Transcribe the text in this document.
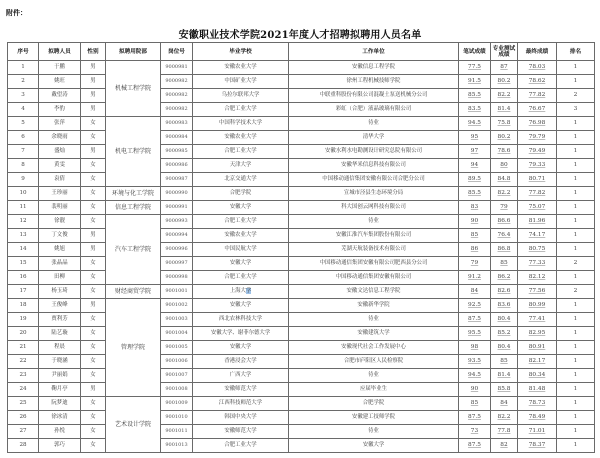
附件：
安徽职业技术学院2021年度人才招聘拟聘用人员名单
序号	拟聘人员	性别	拟聘用院部	岗位号	毕业学校	工作单位	笔试成绩	专业测试成绩	最终成绩	排名
1	于鹏	男	机械工程学院	9000981	安徽农业大学	安徽信息工程学院	77.5	87	78.03	1
2	姚旺	男		9000982	中国矿业大学	徐州工程机械技师学院	91.5	80.2	78.62	1
3	戴望涛	男		9000982	乌拉尔联邦大学	中联重科股份有限公司混凝土泵送机械分公司	85.5	82.2	77.82	2
4	李豹	男		9000982	合肥工业大学	彩虹（合肥）液晶玻璃有限公司	83.5	81.4	76.67	3
5	张萍	女	机电工程学院	9000983	中国科学技术大学	待业	94.5	75.8	76.98	1
6	余晓雨	女		9000984	安徽农业大学	清华大学	95	80.2	79.79	1
7	盛灿	男		9000985	合肥工业大学	安徽水利水电勘测设计研究总院有限公司	97	78.6	79.49	1
8	黄雯	女		9000986	天津大学	安徽华米信息科技有限公司	94	80	79.33	1
9	袁倩	女		9000987	北京交通大学	中国移动通信集团安徽有限公司合肥分公司	89.5	84.8	80.71	1
10	王珍丽	女	环境与化工学院	9000990	合肥学院	宣城市泾县生态环境分局	85.5	82.2	77.82	1
11	裴明丽	女	信息工程学院	9000991	安徽大学	科大国创云网科技有限公司	83	79	75.07	1
12	徐靓	女	汽车工程学院	9000993	合肥工业大学	待业	90	86.6	81.96	1
13	丁文俊	男		9000994	安徽农业大学	安徽江淮汽车集团股份有限公司	85	76.4	74.17	1
14	姚旭	男		9000996	中国民航大学	芜湖天航装备技术有限公司	86	86.8	80.75	1
15	张晶晶	女		9000997	安徽大学	中国移动通信集团安徽有限公司肥西县分公司	79	85	77.33	2
16	田柳	女		9000998	合肥工业大学	中国移动通信集团安徽有限公司	91.2	86.2	82.12	1
17	杨玉琦	女	财经商贸学院	9001001	上海大学	安徽文达信息工程学院	84	82.6	77.56	2
18	王俊峰	男	管理学院	9001002	安徽大学	安徽新华学院	92.5	83.6	80.99	1
19	贾利芳	女		9001003	西北农林科技大学	待业	87.5	80.4	77.41	1
20	陆艺璇	女		9001004	安徽大学、谢菲尔德大学	安徽建筑大学	95.5	85.2	82.95	1
21	程晨	女		9001005	安徽大学	安徽现代社会工作发展中心	98	80.4	80.91	1
22	于晓涵	女		9001006	香港浸会大学	合肥市庐阳区人民检察院	93.5	85	82.17	1
23	尹丽娟	女		9001007	广西大学	待业	94.5	81.4	80.34	1
24	鞠月亭	男		9001008	安徽师范大学	应届毕业生	90	85.8	81.48	1
25	阮梦迪	女	艺术设计学院	9001009	江西科技师范大学	合肥学院	85	84	78.73	1
26	徐冰清	女		9001010	韩国中央大学	安徽建工技师学院	87.5	82.2	78.49	1
27	孙悦	女		9001011	安徽师范大学	待业	73	77.8	71.01	1
28	郭巧	女		9001013	合肥工业大学	安徽大学	87.5	82	78.37	1
